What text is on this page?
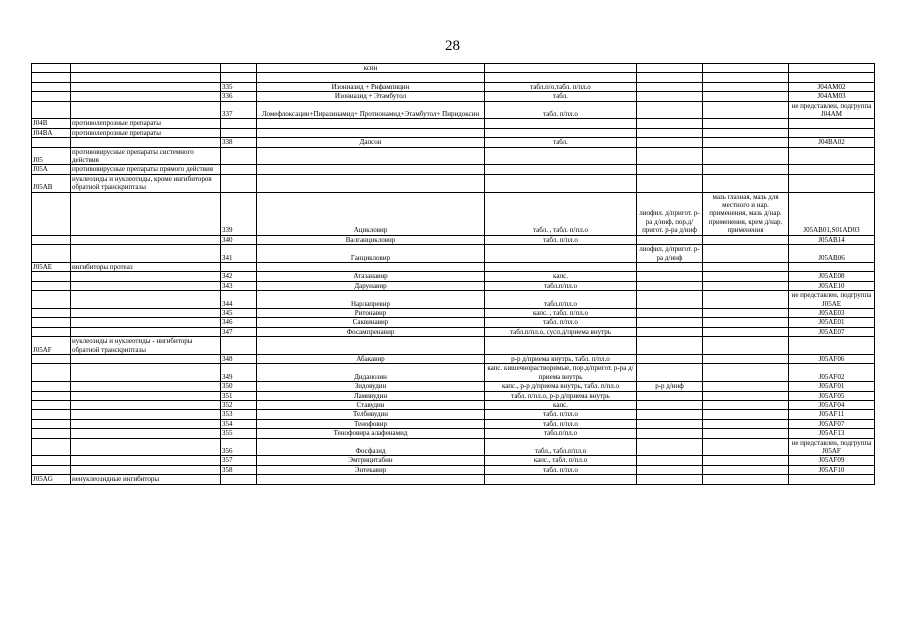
28
			ксин				

		335	Изониазид + Рифампицин	табл.п/о,табл. п/пл.о			J04AM02
		336	Изониазид + Этамбутол	табл.			J04AM03
		337	Ломефлоксацин+Пиразинамид+ Протионамид+Этамбутол+ Пиридоксин	табл. п/пл.о			не представлен, подгруппа J04AM
J04B	противолепрозные препараты						
J04BA	противолепрозные препараты						
		338	Дапсон	табл.			J04BA02
J05	противовирусные препараты системного действия						
J05A	противовирусные препараты прямого действия						
J05AB	нуклеозиды и нуклеотиды, кроме ингибиторов обратной транскриптазы						
		339	Ацикловир	табл. , табл. п/пл.о	лиофил. д/пригот. р-ра д/инф, пор.д/пригот. р-ра д/инф	мазь глазная, мазь для местного и нар. применения, мазь д/нар. применения, крем д/нар. применения	J05AB01,S01AD03
		340	Валганцикловир	табл. п/пл.о			J05AB14
		341	Ганцикловир		лиофил. д/пригот. р-ра д/инф		J05AB06
J05AE	ингибиторы протеаз						
		342	Атазанавир	капс.			J05AE08
		343	Дарунавир	табл.п/пл.о			J05AE10
		344	Нарлапревир	табл.п/пл.о			не представлен, подгруппа J05AE
		345	Ритонавир	капс. , табл. п/пл.о			J05AE03
		346	Саквинавир	табл. п/пл.о			J05AE01
		347	Фосампренавир	табл.п/пл.о, сусп.д/приема внутрь			J05AE07
J05AF	нуклеозиды и нуклеотиды - ингибиторы обратной транскриптазы						
		348	Абакавир	р-р д/приема внутрь, табл. п/пл.о			J05AF06
		349	Диданозин	капс. кишечнорастворимые, пор.д/пригот. р-ра д/приема внутрь			J05AF02
		350	Зидовудин	капс., р-р д/приема внутрь, табл. п/пл.о	р-р д/инф		J05AF01
		351	Ламивудин	табл. п/пл.о, р-р д/приема внутрь			J05AF05
		352	Ставудин	капс.			J05AF04
		353	Телбивудин	табл. п/пл.о			J05AF11
		354	Тенофовир	табл. п/пл.о			J05AF07
		355	Тенофовира алафенамид	табл.п/пл.о			J05AF13
		356	Фосфазид	табл., табл.п/пл.о			не представлен, подгруппа J05AF
		357	Эмтрицитабин	капс., табл. п/пл.о			J05AF09
		358	Энтекавир	табл. п/пл.о			J05AF10
J05AG	ненуклеозидные ингибиторы						
